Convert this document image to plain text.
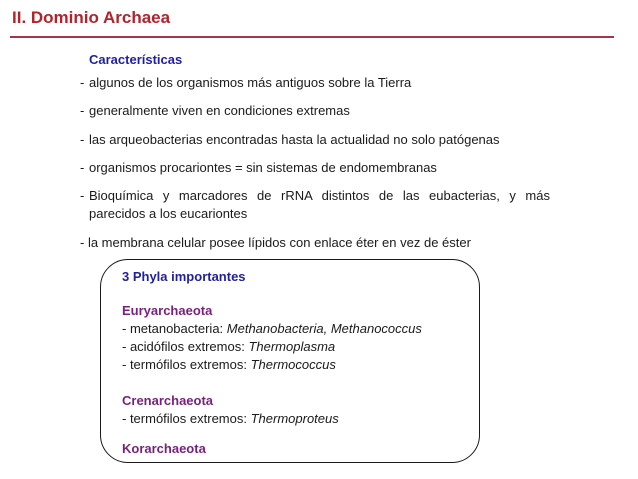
II. Dominio Archaea
Características
- algunos de los organismos más antiguos sobre la Tierra
- generalmente viven en condiciones extremas
- las arqueobacterias encontradas hasta la actualidad no solo patógenas
- organismos procariontes = sin sistemas de endomembranas
- Bioquímica y marcadores de rRNA distintos de las eubacterias, y más parecidos a los eucariontes
- la membrana celular posee lípidos con enlace éter en vez de éster
3 Phyla importantes
Euryarchaeota
- metanobacteria: Methanobacteria, Methanococcus
- acidófilos extremos: Thermoplasma
- termófilos extremos: Thermococcus
Crenarchaeota
- termófilos extremos: Thermoproteus
Korarchaeota
